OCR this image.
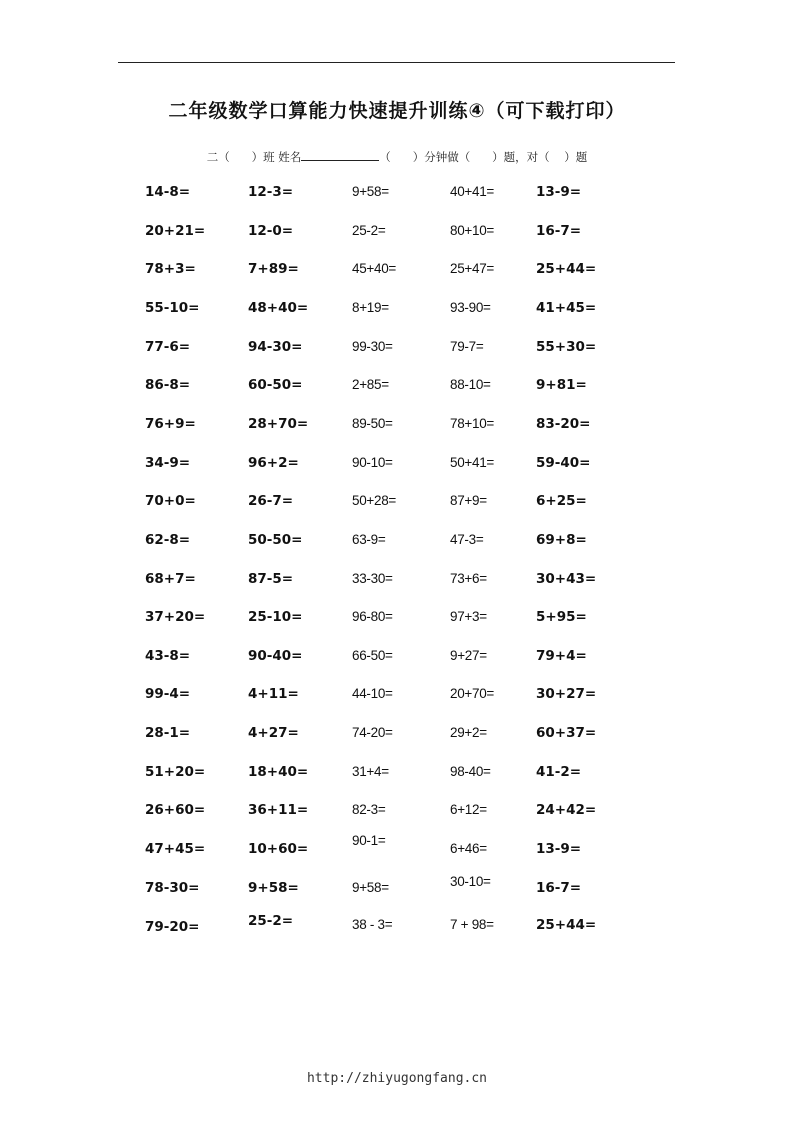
二年级数学口算能力快速提升训练④（可下载打印）
二（      ）班 姓名	（      ）分钟做（      ）题，对（    ）题
14-8=
20+21=
78+3=
55-10=
77-6=
86-8=
76+9=
34-9=
70+0=
62-8=
68+7=
37+20=
43-8=
99-4=
28-1=
51+20=
26+60=
47+45=
78-30=
79-20=
12-3=
12-0=
7+89=
48+40=
94-30=
60-50=
28+70=
96+2=
26-7=
50-50=
87-5=
25-10=
90-40=
4+11=
4+27=
18+40=
36+11=
10+60=
9+58=
25-2=
9+58=
25-2=
45+40=
8+19=
99-30=
2+85=
89-50=
90-10=
50+28=
63-9=
33-30=
96-80=
66-50=
44-10=
74-20=
31+4=
82-3=
90-1=
9+58=
38 - 3=
40+41=
80+10=
25+47=
93-90=
79-7=
88-10=
78+10=
50+41=
87+9=
47-3=
73+6=
97+3=
9+27=
20+70=
29+2=
98-40=
6+12=
6+46=
30-10=
7 + 98=
13-9=
16-7=
25+44=
41+45=
55+30=
9+81=
83-20=
59-40=
6+25=
69+8=
30+43=
5+95=
79+4=
30+27=
60+37=
41-2=
24+42=
13-9=
16-7=
25+44=
http://zhiyugongfang.cn
